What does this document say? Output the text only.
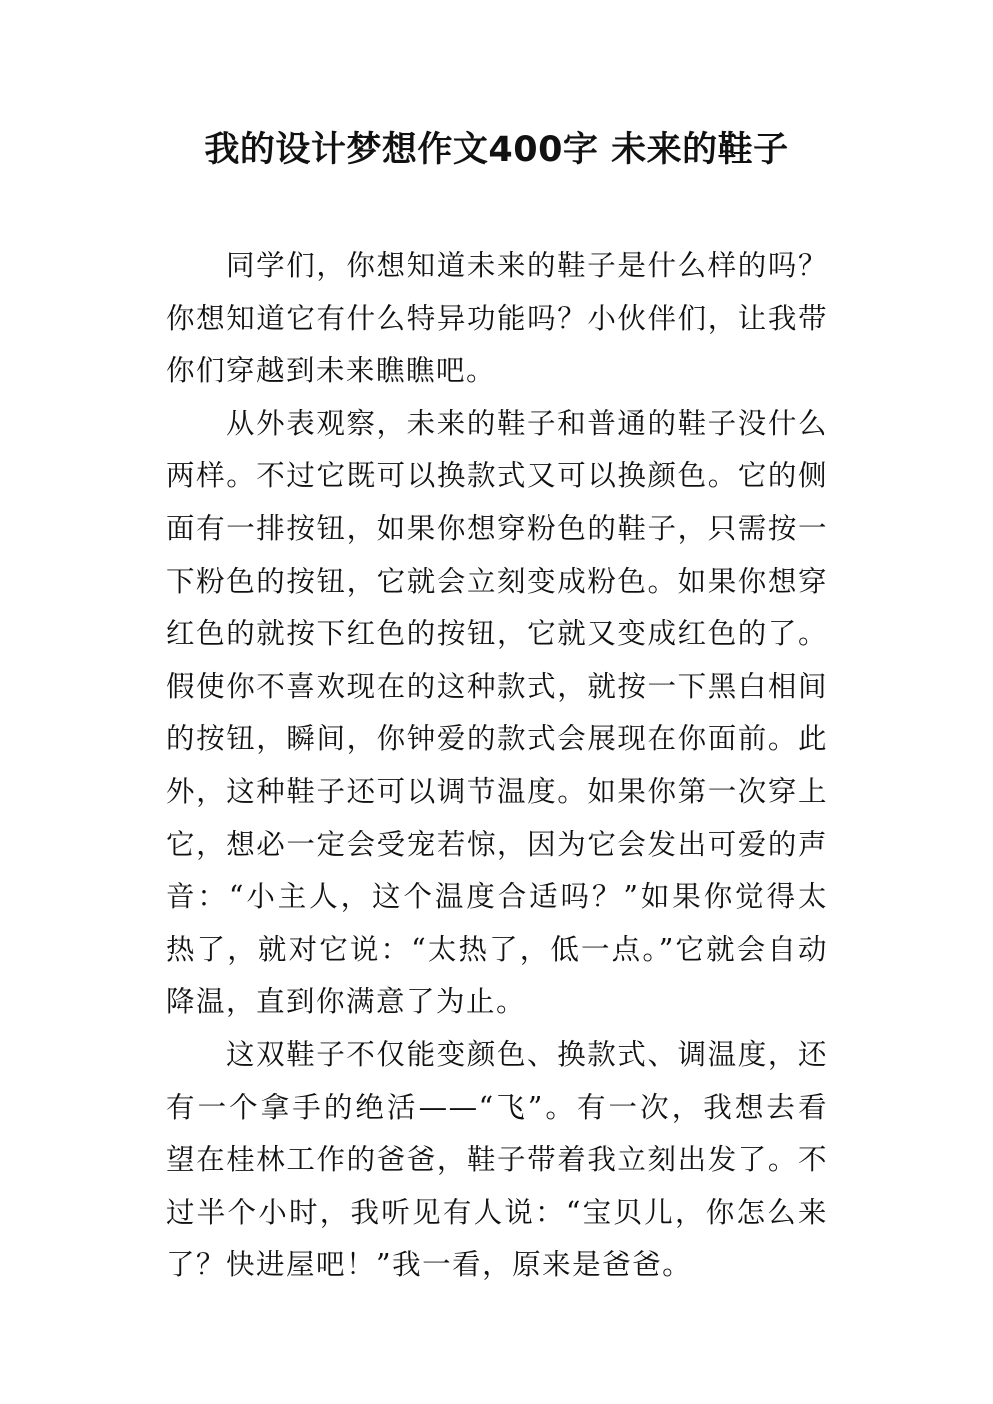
我的设计梦想作文400字 未来的鞋子

同学们，你想知道未来的鞋子是什么样的吗？你想知道它有什么特异功能吗？小伙伴们，让我带你们穿越到未来瞧瞧吧。

从外表观察，未来的鞋子和普通的鞋子没什么两样。不过它既可以换款式又可以换颜色。它的侧面有一排按钮，如果你想穿粉色的鞋子，只需按一下粉色的按钮，它就会立刻变成粉色。如果你想穿红色的就按下红色的按钮，它就又变成红色的了。假使你不喜欢现在的这种款式，就按一下黑白相间的按钮，瞬间，你钟爱的款式会展现在你面前。此外，这种鞋子还可以调节温度。如果你第一次穿上它，想必一定会受宠若惊，因为它会发出可爱的声音：“小主人，这个温度合适吗？”如果你觉得太热了，就对它说：“太热了，低一点。”它就会自动降温，直到你满意了为止。

这双鞋子不仅能变颜色、换款式、调温度，还有一个拿手的绝活——“飞”。有一次，我想去看望在桂林工作的爸爸，鞋子带着我立刻出发了。不过半个小时，我听见有人说：“宝贝儿，你怎么来了？快进屋吧！”我一看，原来是爸爸。
